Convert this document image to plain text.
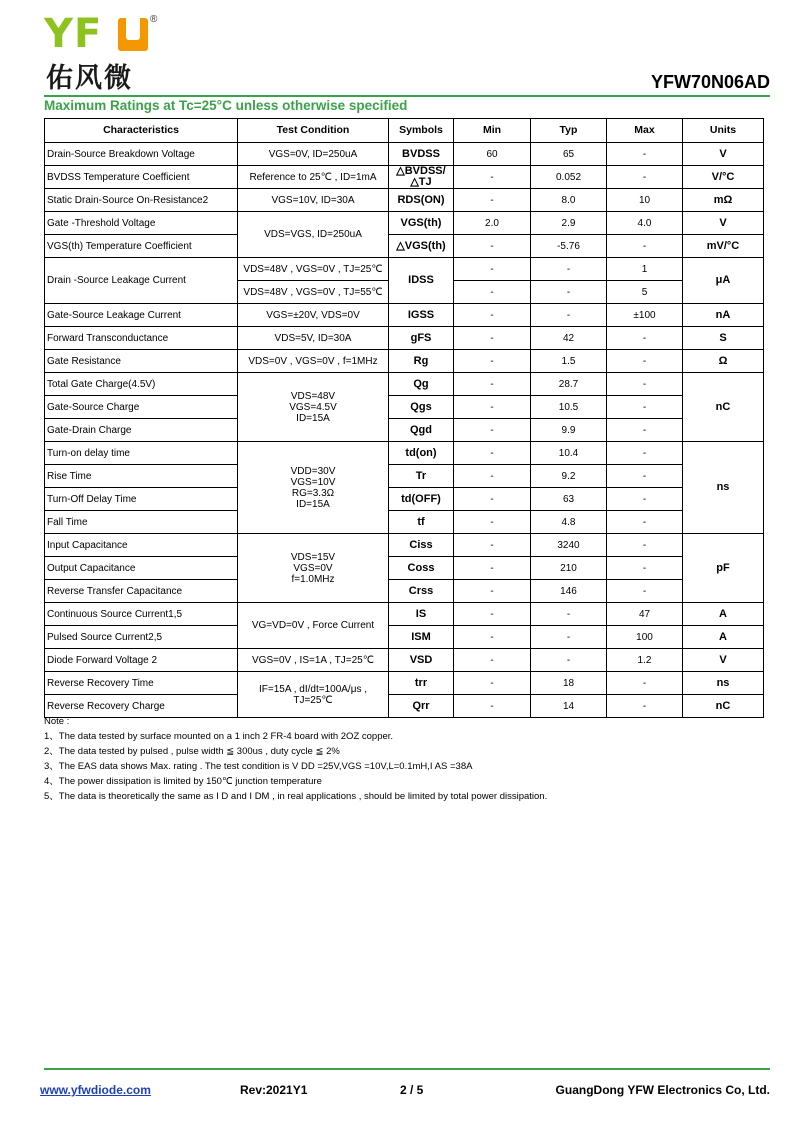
YF	®
佑风微	YFW70N06AD
Maximum Ratings at Tc=25°C unless otherwise specified
Characteristics	Test Condition	Symbols	Min	Typ	Max	Units
Drain-Source Breakdown Voltage	VGS=0V, ID=250uA	BVDSS	60	65	-	V
BVDSS Temperature Coefficient	Reference to 25℃ , ID=1mA	△BVDSS/△TJ	-	0.052	-	V/°C
Static Drain-Source On-Resistance2	VGS=10V, ID=30A	RDS(ON)	-	8.0	10	mΩ
Gate -Threshold Voltage	VDS=VGS, ID=250uA	VGS(th)	2.0	2.9	4.0	V
VGS(th) Temperature Coefficient		△VGS(th)	-	-5.76	-	mV/°C
Drain -Source Leakage Current	VDS=48V , VGS=0V , TJ=25℃	IDSS	-	-	1	μA
	VDS=48V , VGS=0V , TJ=55℃		-	-	5	
Gate-Source Leakage Current	VGS=±20V, VDS=0V	IGSS	-	-	±100	nA
Forward Transconductance	VDS=5V, ID=30A	gFS	-	42	-	S
Gate Resistance	VDS=0V , VGS=0V , f=1MHz	Rg	-	1.5	-	Ω
Total Gate Charge(4.5V)	VDS=48V
VGS=4.5V
ID=15A	Qg	-	28.7	-	nC
Gate-Source Charge		Qgs	-	10.5	-	
Gate-Drain Charge		Qgd	-	9.9	-	
Turn-on delay time	VDD=30V
VGS=10V
RG=3.3Ω
ID=15A	td(on)	-	10.4	-	ns
Rise Time		Tr	-	9.2	-	
Turn-Off Delay Time		td(OFF)	-	63	-	
Fall Time		tf	-	4.8	-	
Input Capacitance	VDS=15V
VGS=0V
f=1.0MHz	Ciss	-	3240	-	pF
Output Capacitance		Coss	-	210	-	
Reverse Transfer Capacitance		Crss	-	146	-	
Continuous Source Current1,5	VG=VD=0V , Force Current	IS	-	-	47	A
Pulsed Source Current2,5		ISM	-	-	100	A
Diode Forward Voltage 2	VGS=0V , IS=1A , TJ=25℃	VSD	-	-	1.2	V
Reverse Recovery Time	IF=15A , dI/dt=100A/μs ,
TJ=25℃	trr	-	18	-	ns
Reverse Recovery Charge		Qrr	-	14	-	nC
Note :
1、The data tested by surface mounted on a 1 inch 2 FR-4 board with 2OZ copper.
2、The data tested by pulsed , pulse width ≦ 300us , duty cycle ≦ 2%
3、The EAS data shows Max. rating . The test condition is V DD =25V,VGS =10V,L=0.1mH,I AS =38A
4、The power dissipation is limited by 150℃ junction temperature
5、The data is theoretically the same as I D and I DM , in real applications , should be limited by total power dissipation.
www.yfwdiode.com	Rev:2021Y1	2 / 5	GuangDong YFW Electronics Co, Ltd.
